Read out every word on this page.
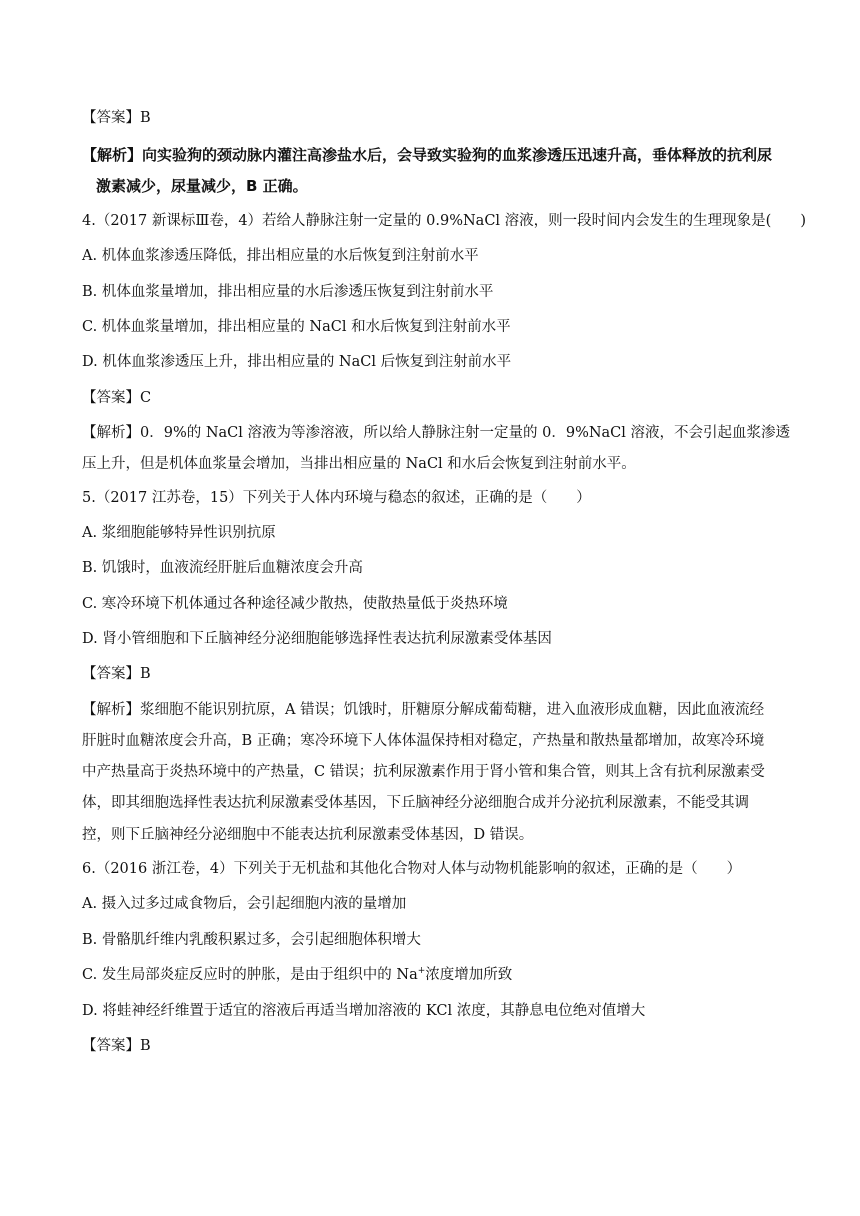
【答案】B
【解析】向实验狗的颈动脉内灌注高渗盐水后，会导致实验狗的血浆渗透压迅速升高，垂体释放的抗利尿
激素减少，尿量减少，B 正确。
4.（2017 新课标Ⅲ卷，4）若给人静脉注射一定量的 0.9%NaCl 溶液，则一段时间内会发生的生理现象是(　　)
A. 机体血浆渗透压降低，排出相应量的水后恢复到注射前水平
B. 机体血浆量增加，排出相应量的水后渗透压恢复到注射前水平
C. 机体血浆量增加，排出相应量的 NaCl 和水后恢复到注射前水平
D. 机体血浆渗透压上升，排出相应量的 NaCl 后恢复到注射前水平
【答案】C
【解析】0．9%的 NaCl 溶液为等渗溶液，所以给人静脉注射一定量的 0．9%NaCl 溶液，不会引起血浆渗透
压上升，但是机体血浆量会增加，当排出相应量的 NaCl 和水后会恢复到注射前水平。
5.（2017 江苏卷，15）下列关于人体内环境与稳态的叙述，正确的是（　　）
A. 浆细胞能够特异性识别抗原
B. 饥饿时，血液流经肝脏后血糖浓度会升高
C. 寒冷环境下机体通过各种途径减少散热，使散热量低于炎热环境
D. 肾小管细胞和下丘脑神经分泌细胞能够选择性表达抗利尿激素受体基因
【答案】B
【解析】浆细胞不能识别抗原，A 错误；饥饿时，肝糖原分解成葡萄糖，进入血液形成血糖，因此血液流经
肝脏时血糖浓度会升高，B 正确；寒冷环境下人体体温保持相对稳定，产热量和散热量都增加，故寒冷环境
中产热量高于炎热环境中的产热量，C 错误；抗利尿激素作用于肾小管和集合管，则其上含有抗利尿激素受
体，即其细胞选择性表达抗利尿激素受体基因，下丘脑神经分泌细胞合成并分泌抗利尿激素，不能受其调
控，则下丘脑神经分泌细胞中不能表达抗利尿激素受体基因，D 错误。
6.（2016 浙江卷，4）下列关于无机盐和其他化合物对人体与动物机能影响的叙述，正确的是（　　）
A. 摄入过多过咸食物后，会引起细胞内液的量增加
B. 骨骼肌纤维内乳酸积累过多，会引起细胞体积增大
C. 发生局部炎症反应时的肿胀，是由于组织中的 Na+浓度增加所致
D. 将蛙神经纤维置于适宜的溶液后再适当增加溶液的 KCl 浓度，其静息电位绝对值增大
【答案】B
